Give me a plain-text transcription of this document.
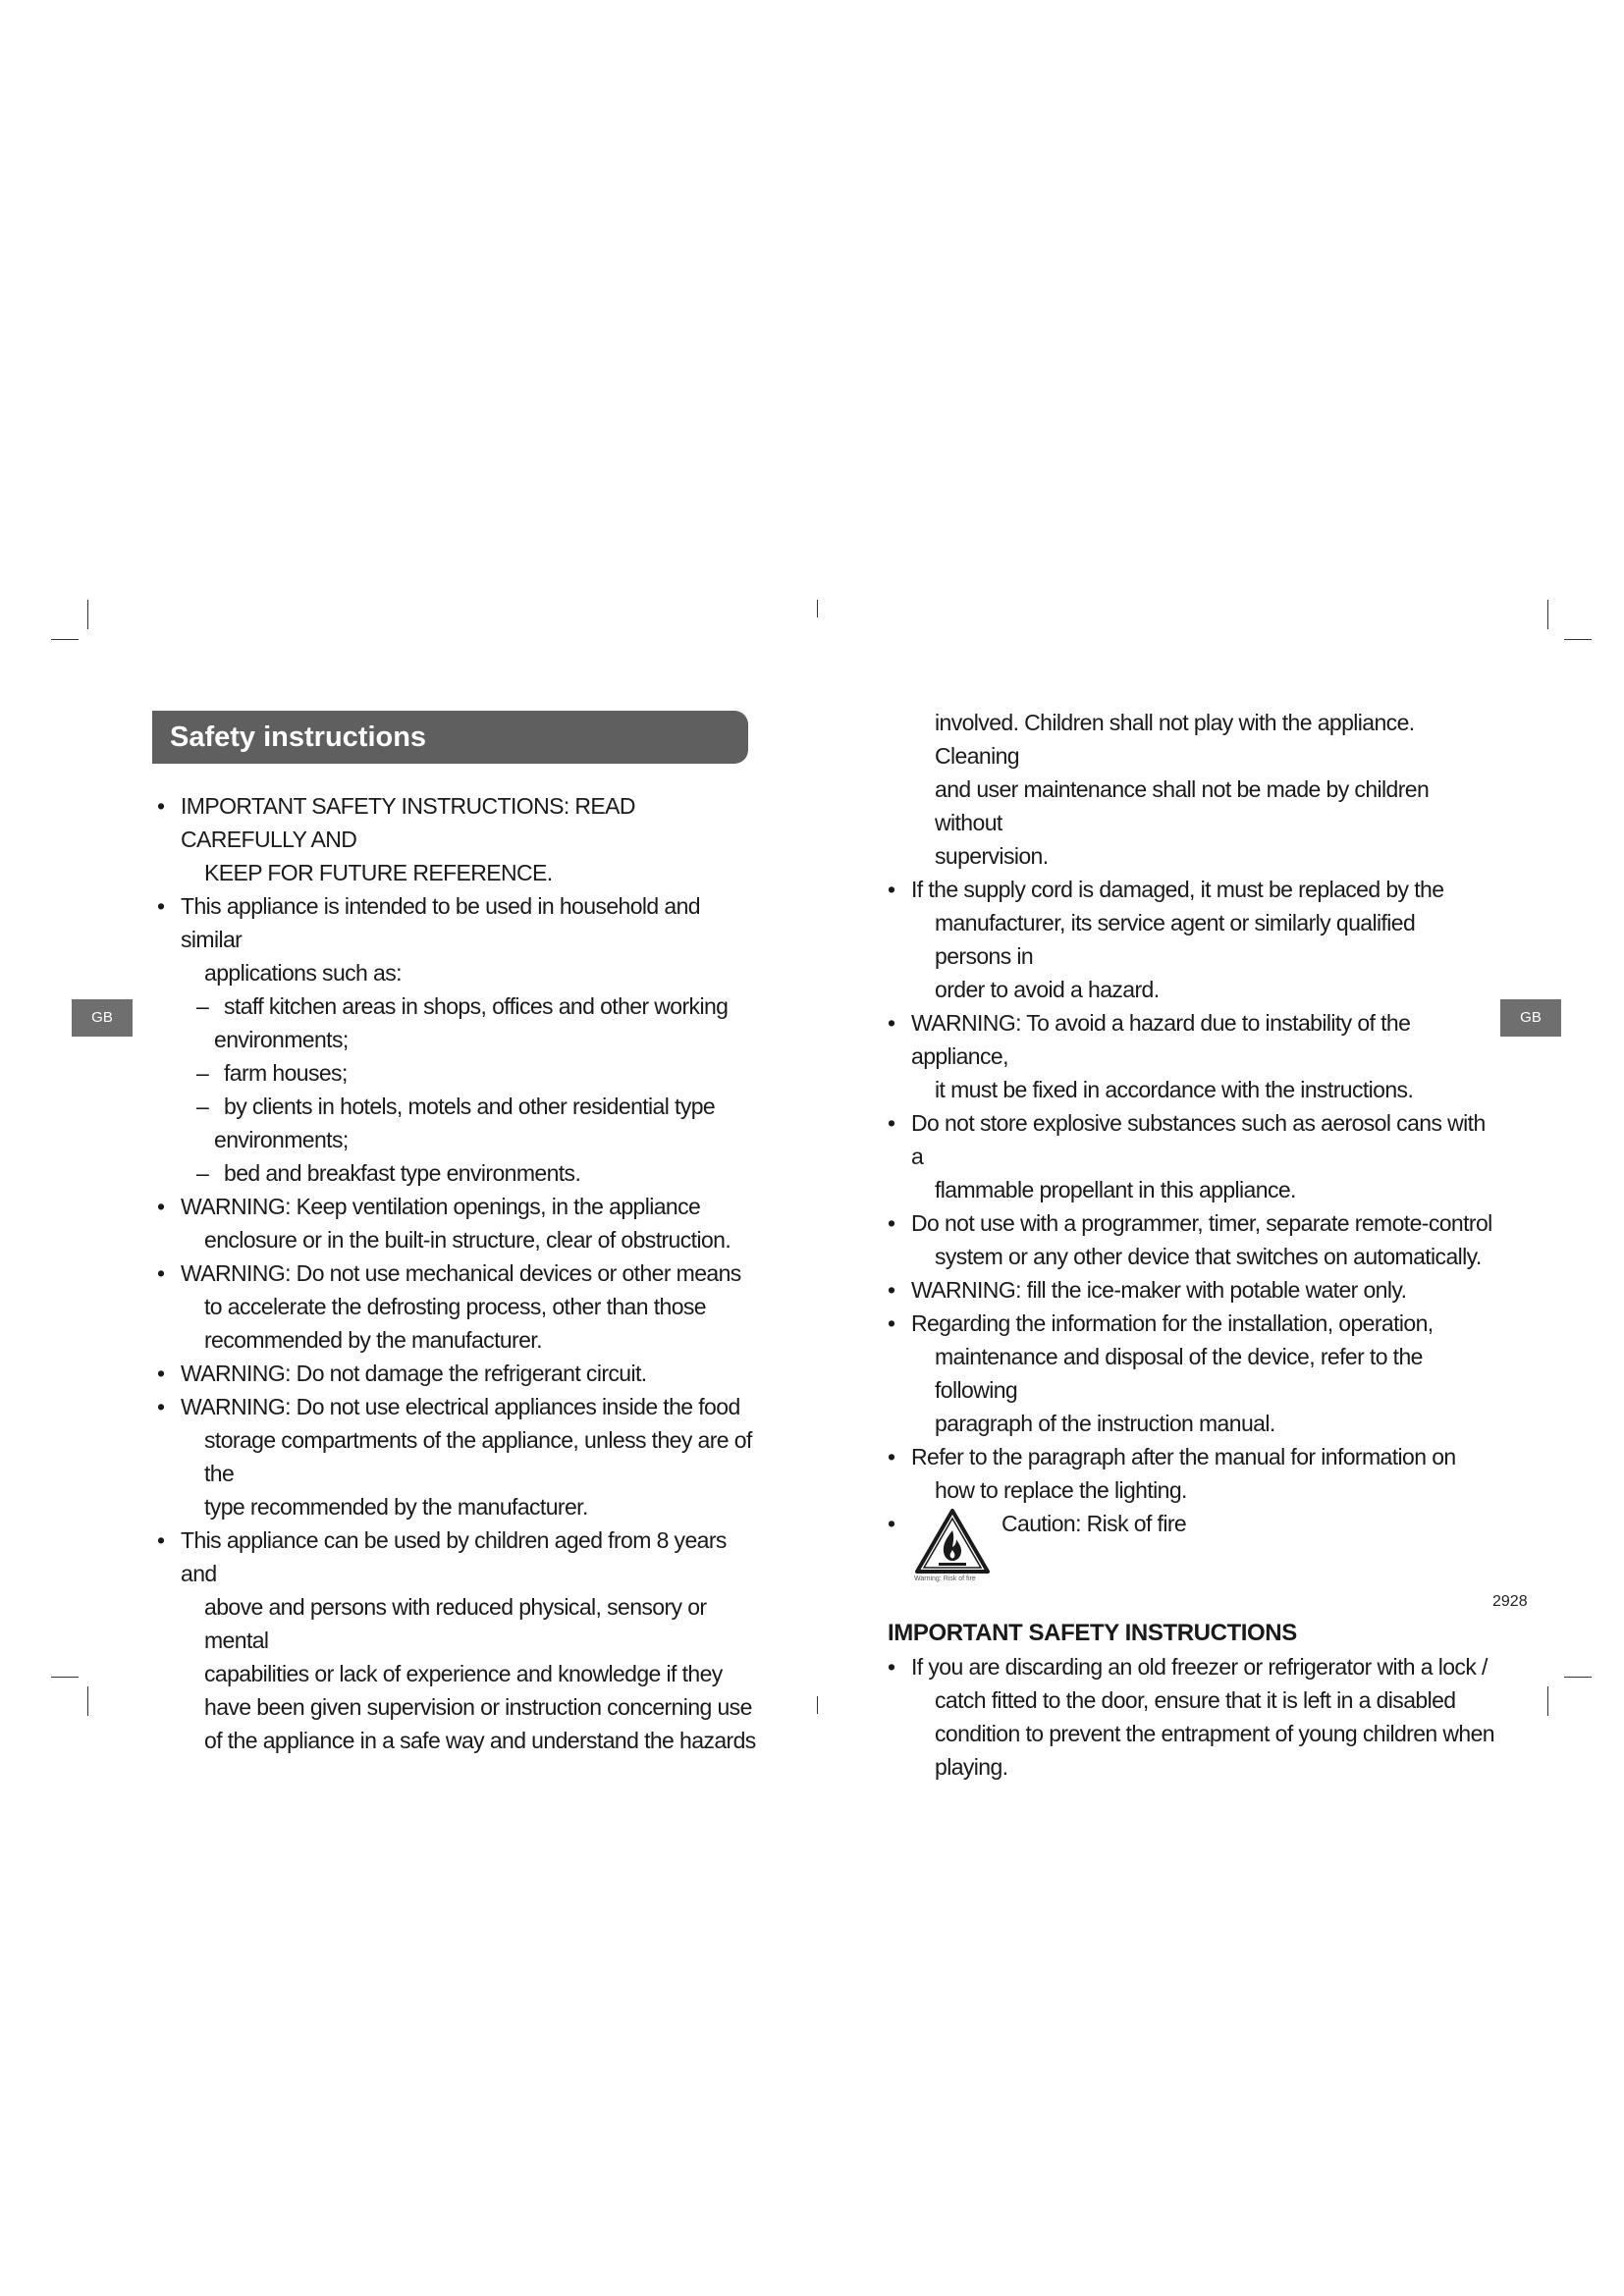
GB	GB
Safety instructions
• IMPORTANT SAFETY INSTRUCTIONS: READ CAREFULLY AND
KEEP FOR FUTURE REFERENCE.
• This appliance is intended to be used in household and similar
applications such as:
– staff kitchen areas in shops, offices and other working
environments;
– farm houses;
– by clients in hotels, motels and other residential type
environments;
– bed and breakfast type environments.
• WARNING: Keep ventilation openings, in the appliance
enclosure or in the built-in structure, clear of obstruction.
• WARNING: Do not use mechanical devices or other means
to accelerate the defrosting process, other than those
recommended by the manufacturer.
• WARNING: Do not damage the refrigerant circuit.
• WARNING: Do not use electrical appliances inside the food
storage compartments of the appliance, unless they are of the
type recommended by the manufacturer.
• This appliance can be used by children aged from 8 years and
above and persons with reduced physical, sensory or mental
capabilities or lack of experience and knowledge if they
have been given supervision or instruction concerning use
of the appliance in a safe way and understand the hazards
involved. Children shall not play with the appliance. Cleaning
and user maintenance shall not be made by children without
supervision.
• If the supply cord is damaged, it must be replaced by the
manufacturer, its service agent or similarly qualified persons in
order to avoid a hazard.
• WARNING: To avoid a hazard due to instability of the appliance,
it must be fixed in accordance with the instructions.
• Do not store explosive substances such as aerosol cans with a
flammable propellant in this appliance.
• Do not use with a programmer, timer, separate remote-control
system or any other device that switches on automatically.
• WARNING: fill the ice-maker with potable water only.
• Regarding the information for the installation, operation,
maintenance and disposal of the device, refer to the following
paragraph of the instruction manual.
• Refer to the paragraph after the manual for information on
how to replace the lighting.
•
Warning: Risk of fire
Caution: Risk of fire
IMPORTANT SAFETY INSTRUCTIONS
• If you are discarding an old freezer or refrigerator with a lock /
catch fitted to the door, ensure that it is left in a disabled
condition to prevent the entrapment of young children when
playing.
2928
